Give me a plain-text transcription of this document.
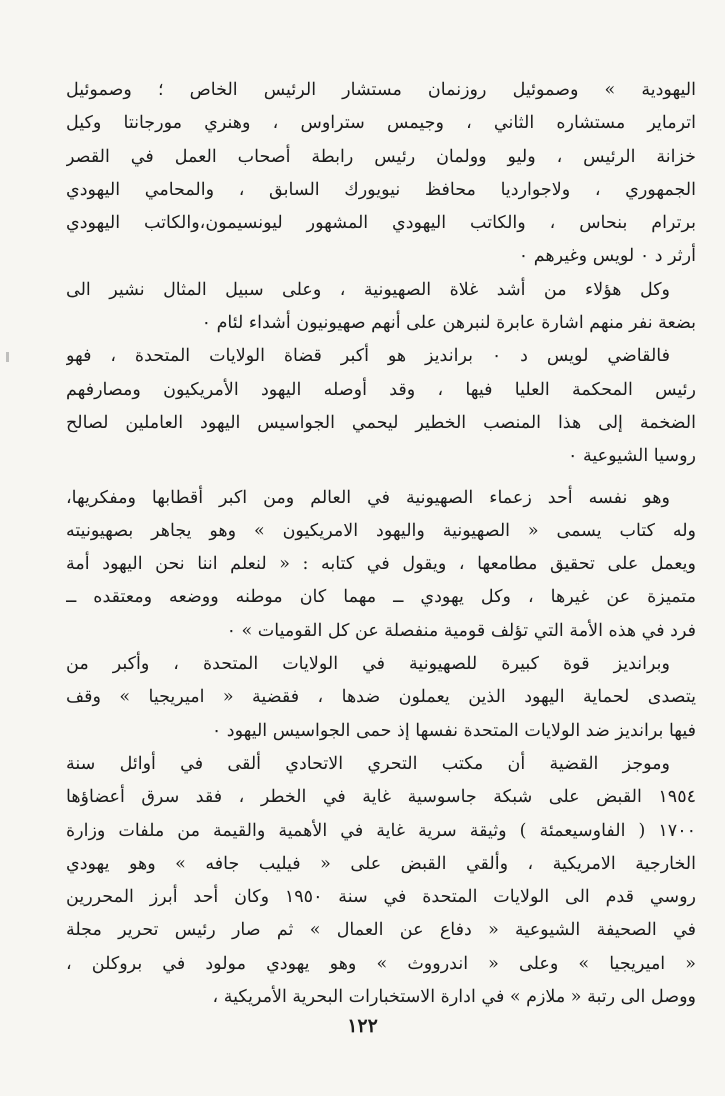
اليهودية » وصموئيل روزنمان مستشار الرئيس الخاص ؛ وصموئيل
اترماير مستشاره الثاني ، وجيمس ستراوس ، وهنري مورجانتا وكيل
خزانة الرئيس ، وليو وولمان رئيس رابطة أصحاب العمل في القصر
الجمهوري ، ولاجوارديا محافظ نيويورك السابق ، والمحامي اليهودي
برترام بنحاس ، والكاتب اليهودي المشهور ليونسيمون،والكاتب اليهودي
أرثر د ٠ لويس وغيرهم ٠
وكل هؤلاء من أشد غلاة الصهيونية ، وعلى سبيل المثال نشير الى
بضعة نفر منهم اشارة عابرة لنبرهن على أنهم صهيونيون أشداء لئام ٠
فالقاضي لويس د ٠ برانديز هو أكبر قضاة الولايات المتحدة ، فهو
رئيس المحكمة العليا فيها ، وقد أوصله اليهود الأمريكيون ومصارفهم
الضخمة إلى هذا المنصب الخطير ليحمي الجواسيس اليهود العاملين لصالح
روسيا الشيوعية ٠
وهو نفسه أحد زعماء الصهيونية في العالم ومن اكبر أقطابها ومفكريها،
وله كتاب يسمى « الصهيونية واليهود الامريكيون » وهو يجاهر بصهيونيته
ويعمل على تحقيق مطامعها ، ويقول في كتابه : « لنعلم اننا نحن اليهود أمة
متميزة عن غيرها ، وكل يهودي ــ مهما كان موطنه ووضعه ومعتقده ــ
فرد في هذه الأمة التي تؤلف قومية منفصلة عن كل القوميات » ٠
وبراندیز قوة كبيرة للصهيونية في الولايات المتحدة ، وأكبر من
يتصدى لحماية اليهود الذين يعملون ضدها ، فقضية « اميريجيا » وقف
فيها براندیز ضد الولايات المتحدة نفسها إذ حمى الجواسيس اليهود ٠
وموجز القضية أن مكتب التحري الاتحادي ألقى في أوائل سنة
١٩٥٤ القبض على شبكة جاسوسية غاية في الخطر ، فقد سرق أعضاؤها
١٧٠٠ ( الفاوسيعمئة ) وثيقة سرية غاية في الأهمية والقيمة من ملفات وزارة
الخارجية الامريكية ، وألقي القبض على « فيليب جافه » وهو يهودي
روسي قدم الى الولايات المتحدة في سنة ١٩٥٠ وكان أحد أبرز المحررين
في الصحيفة الشيوعية « دفاع عن العمال » ثم صار رئيس تحرير مجلة
« اميريجيا » وعلى « اندرووث » وهو يهودي مولود في بروكلن ،
ووصل الى رتبة « ملازم » في ادارة الاستخبارات البحرية الأمريكية ،
١٢٢
